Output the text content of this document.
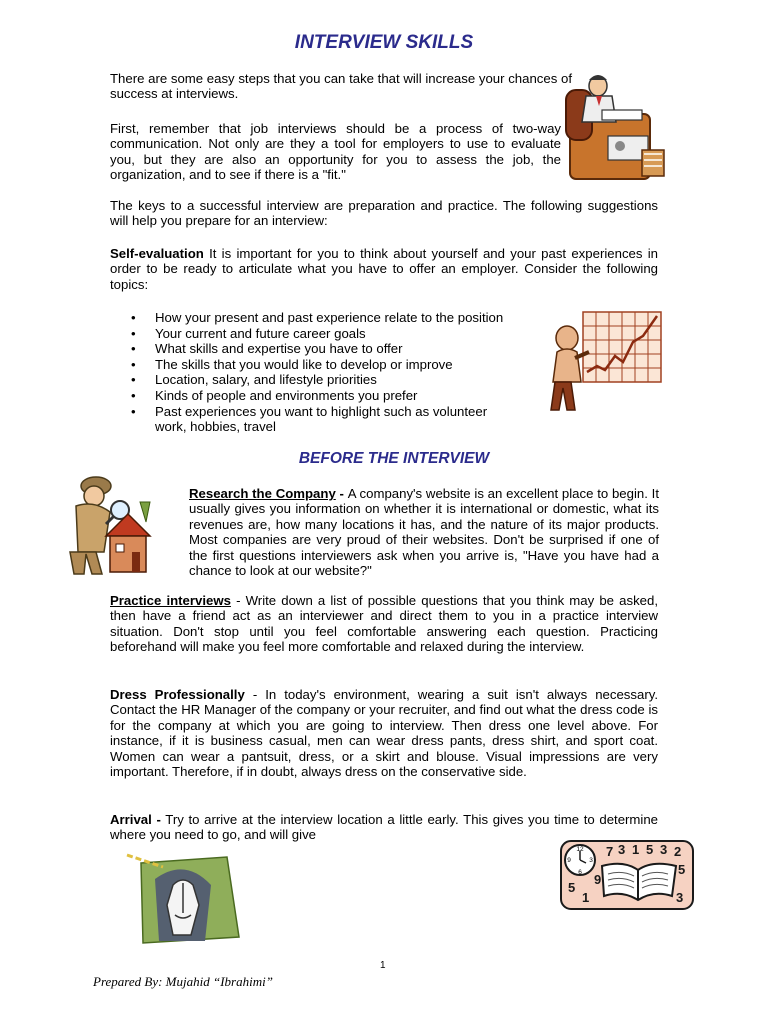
INTERVIEW SKILLS
There are some easy steps that you can take that will increase your chances of success at interviews.
First, remember that job interviews should be a process of two-way communication. Not only are they a tool for employers to use to evaluate you, but they are also an opportunity for you to assess the job, the organization, and to see if there is a "fit."
The keys to a successful interview are preparation and practice. The following suggestions will help you prepare for an interview:
Self-evaluation It is important for you to think about yourself and your past experiences in order to be ready to articulate what you have to offer an employer. Consider the following topics:
• How your present and past experience relate to the position
• Your current and future career goals
• What skills and expertise you have to offer
• The skills that you would like to develop or improve
• Location, salary, and lifestyle priorities
• Kinds of people and environments you prefer
• Past experiences you want to highlight such as volunteer work, hobbies, travel
BEFORE THE INTERVIEW
Research the Company - A company's website is an excellent place to begin. It usually gives you information on whether it is international or domestic, what its revenues are, how many locations it has, and the nature of its major products. Most companies are very proud of their websites. Don't be surprised if one of the first questions interviewers ask when you arrive is, "Have you have had a chance to look at our website?"
Practice interviews - Write down a list of possible questions that you think may be asked, then have a friend act as an interviewer and direct them to you in a practice interview situation. Don't stop until you feel comfortable answering each question. Practicing beforehand will make you feel more comfortable and relaxed during the interview.
Dress Professionally - In today's environment, wearing a suit isn't always necessary. Contact the HR Manager of the company or your recruiter, and find out what the dress code is for the company at which you are going to interview. Then dress one level above. For instance, if it is business casual, men can wear dress pants, dress shirt, and sport coat. Women can wear a pantsuit, dress, or a skirt and blouse. Visual impressions are very important. Therefore, if in doubt, always dress on the conservative side.
Arrival - Try to arrive at the interview location a little early. This gives you time to determine where you need to go, and will give
12
3
6
9
7 3 1 5 3 2
5
3
5
1
9
1
Prepared By: Mujahid “Ibrahimi”
